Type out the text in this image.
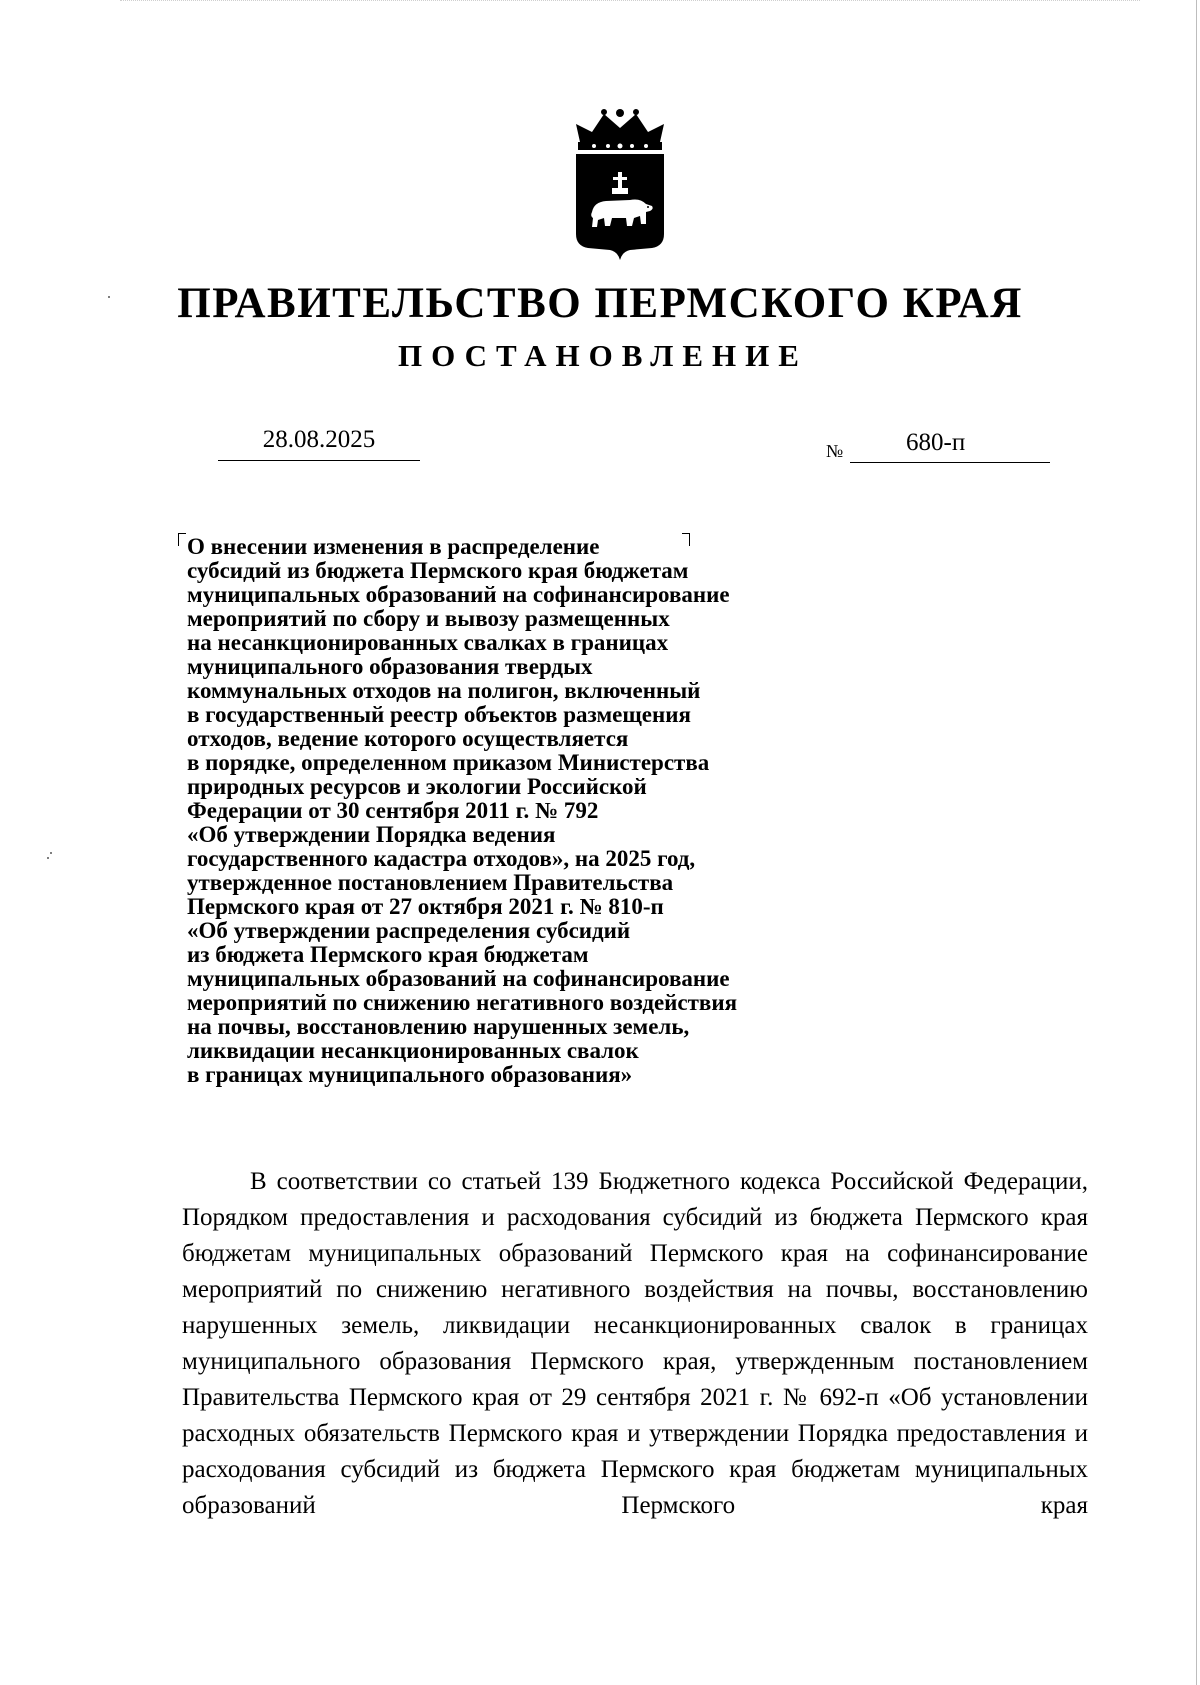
ПРАВИТЕЛЬСТВО ПЕРМСКОГО КРАЯ
ПОСТАНОВЛЕНИЕ
28.08.2025	№	680-п
О внесении изменения в распределение
субсидий из бюджета Пермского края бюджетам
муниципальных образований на софинансирование
мероприятий по сбору и вывозу размещенных
на несанкционированных свалках в границах
муниципального образования твердых
коммунальных отходов на полигон, включенный
в государственный реестр объектов размещения
отходов, ведение которого осуществляется
в порядке, определенном приказом Министерства
природных ресурсов и экологии Российской
Федерации от 30 сентября 2011 г. № 792
«Об утверждении Порядка ведения
государственного кадастра отходов», на 2025 год,
утвержденное постановлением Правительства
Пермского края от 27 октября 2021 г. № 810-п
«Об утверждении распределения субсидий
из бюджета Пермского края бюджетам
муниципальных образований на софинансирование
мероприятий по снижению негативного воздействия
на почвы, восстановлению нарушенных земель,
ликвидации несанкционированных свалок
в границах муниципального образования»

В соответствии со статьей 139 Бюджетного кодекса Российской Федерации, Порядком предоставления и расходования субсидий из бюджета Пермского края бюджетам муниципальных образований Пермского края на софинансирование мероприятий по снижению негативного воздействия на почвы, восстановлению нарушенных земель, ликвидации несанкционированных свалок в границах муниципального образования Пермского края, утвержденным постановлением Правительства Пермского края от 29 сентября 2021 г. № 692-п «Об установлении расходных обязательств Пермского края и утверждении Порядка предоставления и расходования субсидий из бюджета Пермского края бюджетам муниципальных образований Пермского края
